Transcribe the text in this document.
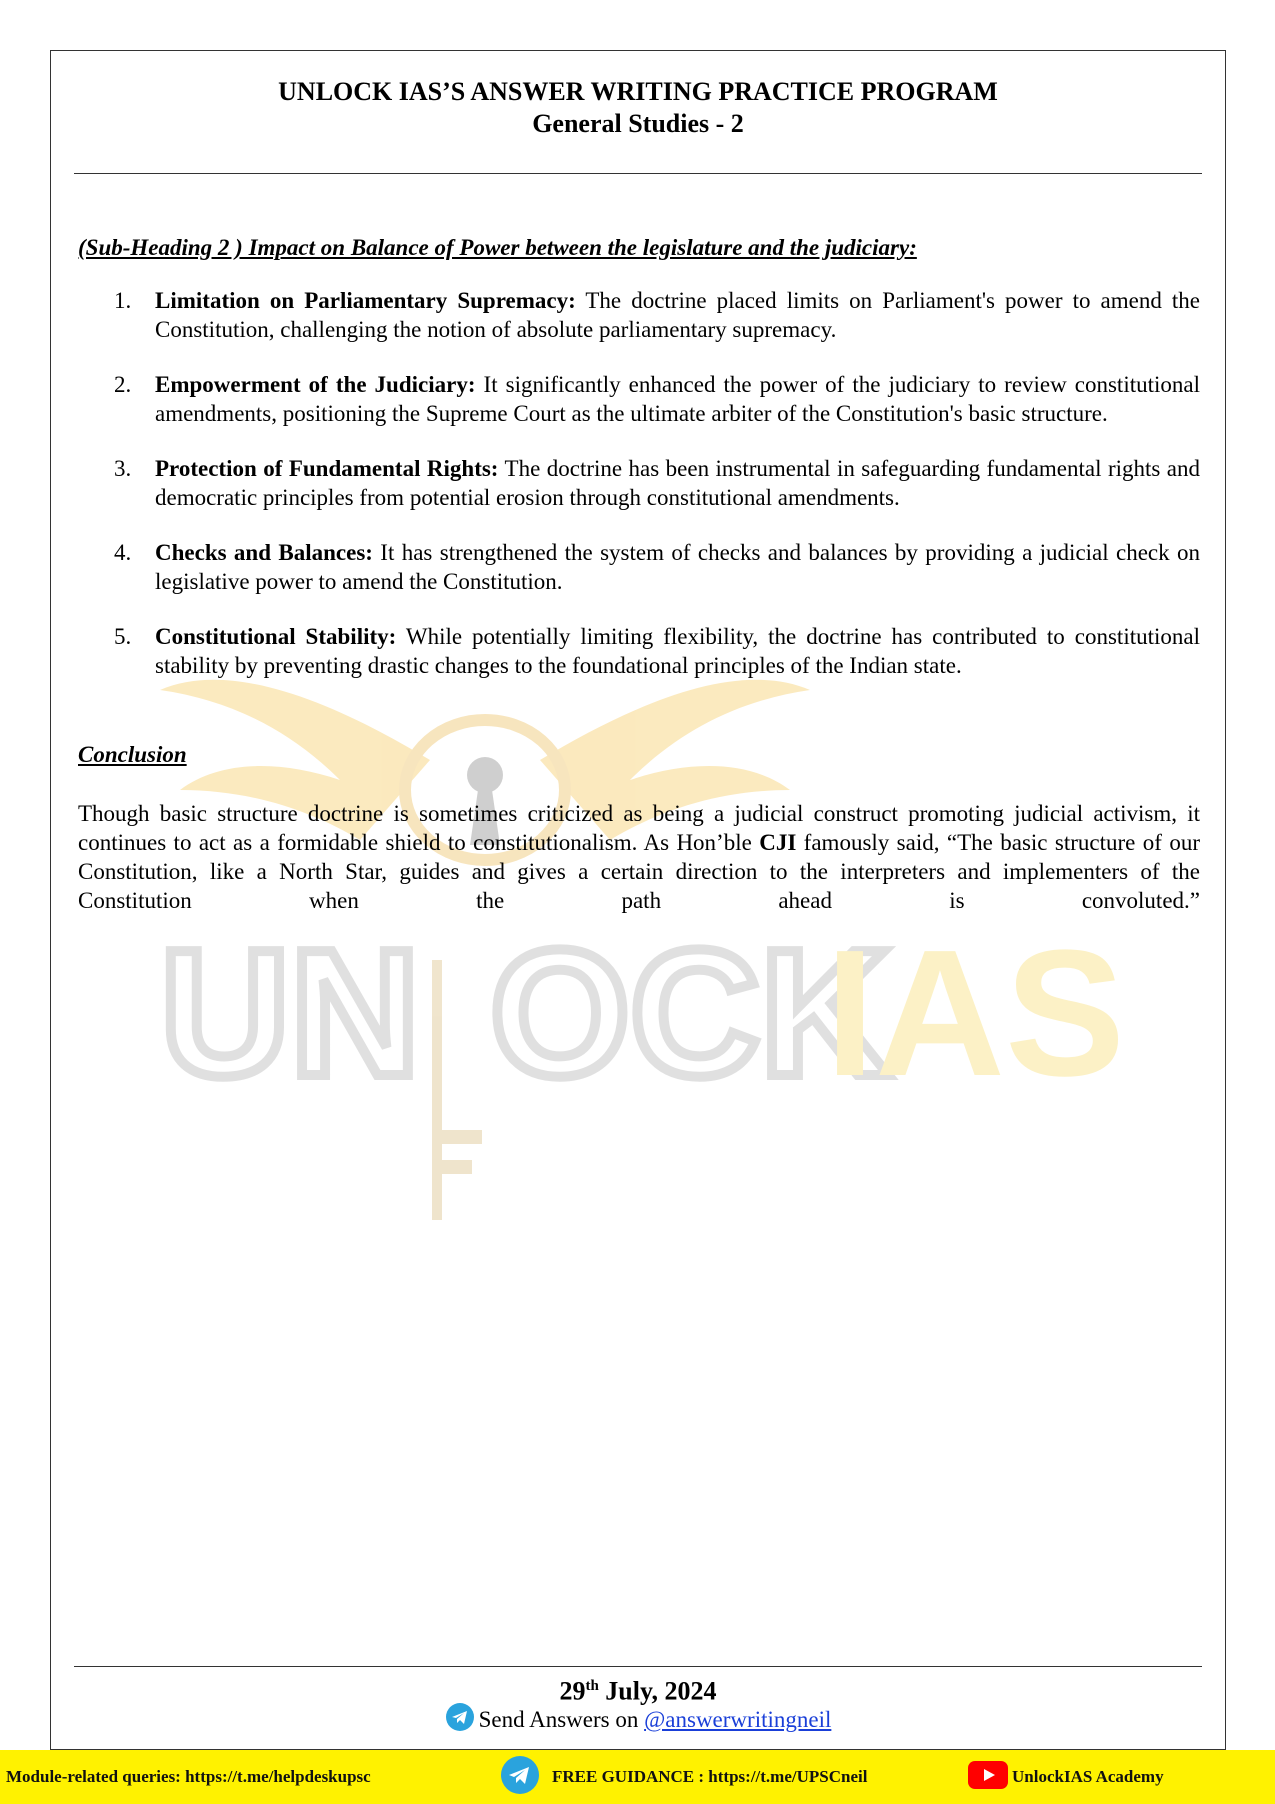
UN OCK
IAS
UNLOCK IAS’S ANSWER WRITING PRACTICE PROGRAM
General Studies - 2
(Sub-Heading 2 ) Impact on Balance of Power between the legislature and the judiciary:
1. Limitation on Parliamentary Supremacy: The doctrine placed limits on Parliament's power to amend the Constitution, challenging the notion of absolute parliamentary supremacy.
2. Empowerment of the Judiciary: It significantly enhanced the power of the judiciary to review constitutional amendments, positioning the Supreme Court as the ultimate arbiter of the Constitution's basic structure.
3. Protection of Fundamental Rights: The doctrine has been instrumental in safeguarding fundamental rights and democratic principles from potential erosion through constitutional amendments.
4. Checks and Balances: It has strengthened the system of checks and balances by providing a judicial check on legislative power to amend the Constitution.
5. Constitutional Stability: While potentially limiting flexibility, the doctrine has contributed to constitutional stability by preventing drastic changes to the foundational principles of the Indian state.
Conclusion
Though basic structure doctrine is sometimes criticized as being a judicial construct promoting judicial activism, it continues to act as a formidable shield to constitutionalism. As Hon’ble CJI famously said, “The basic structure of our Constitution, like a North Star, guides and gives a certain direction to the interpreters and implementers of the Constitution when the path ahead is convoluted.”
29th July, 2024
Send Answers on @answerwritingneil
Module-related queries: https://t.me/helpdeskupsc	FREE GUIDANCE : https://t.me/UPSCneil	UnlockIAS Academy
